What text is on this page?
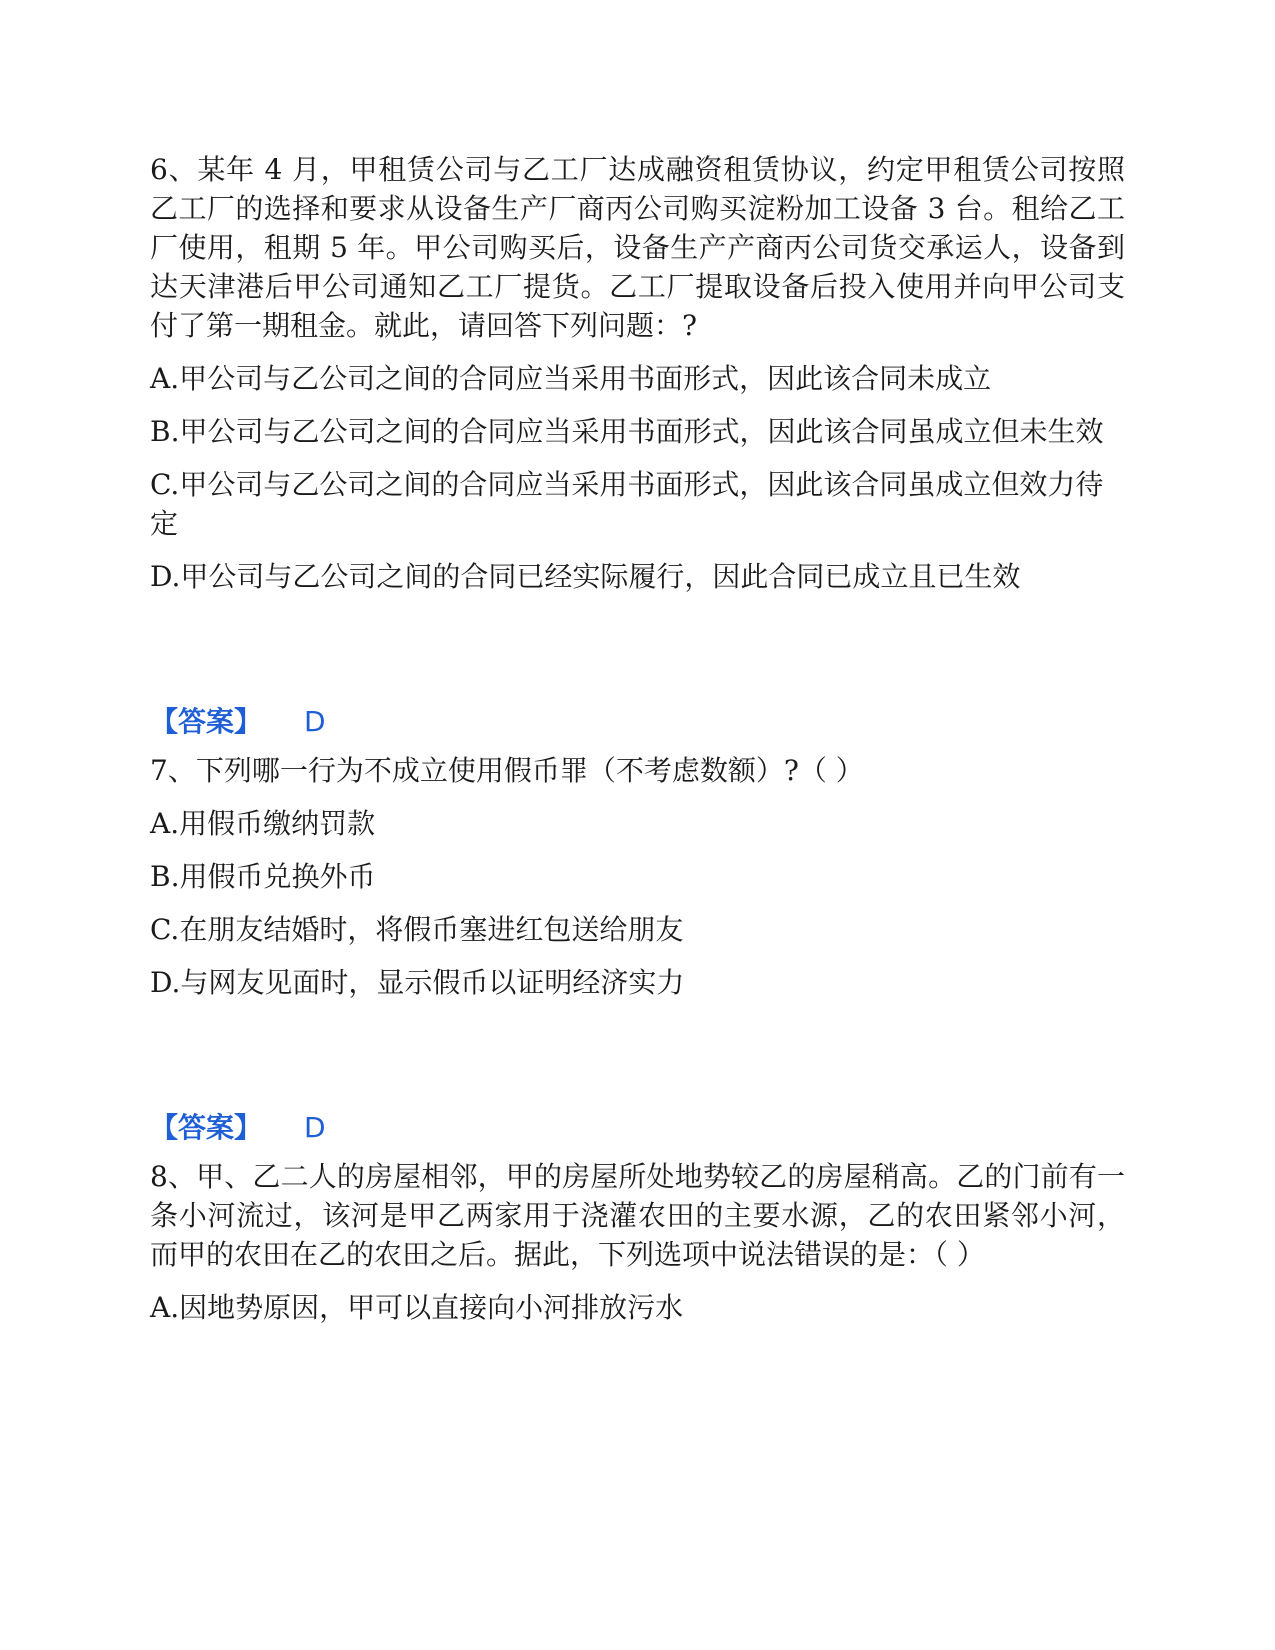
6、某年 4 月，甲租赁公司与乙工厂达成融资租赁协议，约定甲租赁公司按照乙工厂的选择和要求从设备生产厂商丙公司购买淀粉加工设备 3 台。租给乙工厂使用，租期 5 年。甲公司购买后，设备生产产商丙公司货交承运人，设备到达天津港后甲公司通知乙工厂提货。乙工厂提取设备后投入使用并向甲公司支付了第一期租金。就此，请回答下列问题：?

A.甲公司与乙公司之间的合同应当采用书面形式，因此该合同未成立

B.甲公司与乙公司之间的合同应当采用书面形式，因此该合同虽成立但未生效

C.甲公司与乙公司之间的合同应当采用书面形式，因此该合同虽成立但效力待定

D.甲公司与乙公司之间的合同已经实际履行，因此合同已成立且已生效

【答案】 D

7、下列哪一行为不成立使用假币罪（不考虑数额）?（ ）

A.用假币缴纳罚款

B.用假币兑换外币

C.在朋友结婚时，将假币塞进红包送给朋友

D.与网友见面时，显示假币以证明经济实力

【答案】 D

8、甲、乙二人的房屋相邻，甲的房屋所处地势较乙的房屋稍高。乙的门前有一条小河流过，该河是甲乙两家用于浇灌农田的主要水源，乙的农田紧邻小河，而甲的农田在乙的农田之后。据此，下列选项中说法错误的是：（ ）

A.因地势原因，甲可以直接向小河排放污水
